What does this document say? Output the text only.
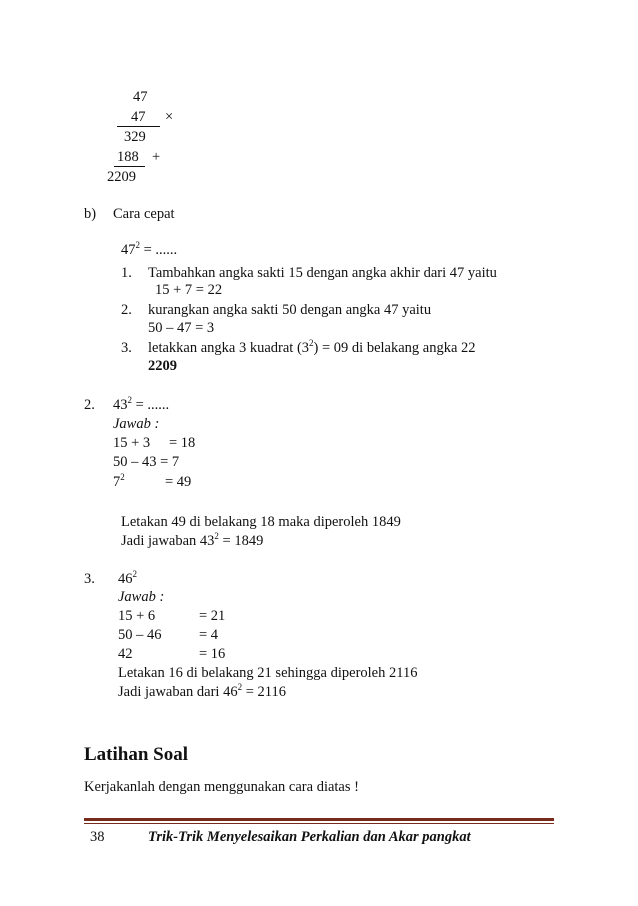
47
47	×
329
188 +
2209
b) Cara cepat
$47^2$ = ......
1. Tambahkan angka sakti 15 dengan angka akhir dari 47 yaitu
15 + 7 = 22
2. kurangkan angka sakti 50 dengan angka 47 yaitu
50 – 47 = 3
3. letakkan angka 3 kuadrat $(3^2) = 09$ di belakang angka 22
2209
2. $43^2$ = ......
Jawab :
15 + 3 = 18
50 – 43 = 7
$7^2$	= 49
Letakan 49 di belakang 18 maka diperoleh 1849
Jadi jawaban $43^2 = 1849$
3. $46^2$
Jawab :
15 + 6	= 21
50 – 46	= 4
42	= 16
Letakan 16 di belakang 21 sehingga diperoleh 2116
Jadi jawaban dari $46^2 = 2116$
Latihan Soal
Kerjakanlah dengan menggunakan cara diatas !
38	Trik-Trik Menyelesaikan Perkalian dan Akar pangkat
